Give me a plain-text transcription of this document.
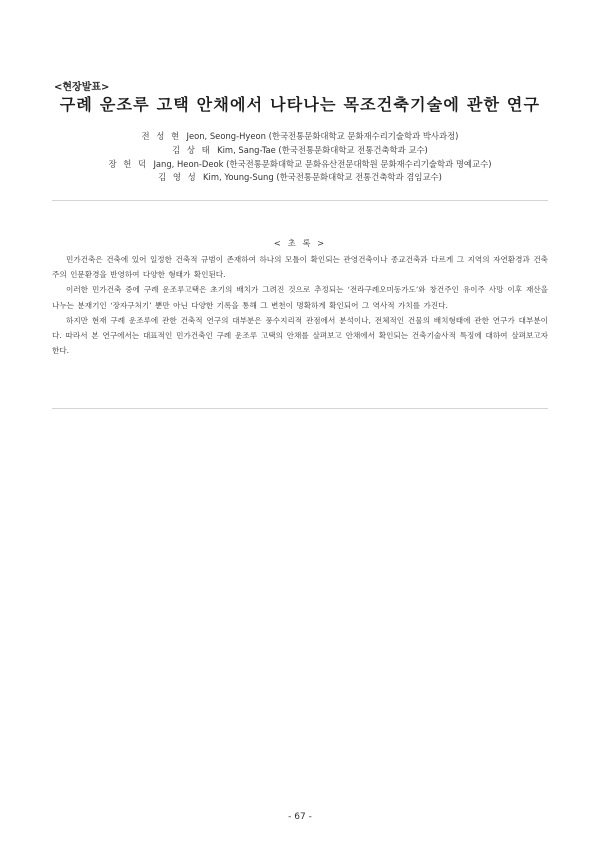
<현장발표>
구례 운조루 고택 안채에서 나타나는 목조건축기술에 관한 연구
전 성 현 Jeon, Seong-Hyeon (한국전통문화대학교 문화재수리기술학과 박사과정)
김 상 태 Kim, Sang-Tae (한국전통문화대학교 전통건축학과 교수)
장 헌 덕 Jang, Heon-Deok (한국전통문화대학교 문화유산전문대학원 문화재수리기술학과 명예교수)
김 영 성 Kim, Young-Sung (한국전통문화대학교 전통건축학과 겸임교수)
< 초 록 >

민가건축은 건축에 있어 일정한 건축적 규범이 존재하여 하나의 모틀이 확인되는 관영건축이나 종교건축과 다르게 그 지역의 자연환경과 건축주의 인문환경을 반영하여 다양한 형태가 확인된다.

이러한 민가건축 중에 구례 운조루고택은 초기의 배치가 그려진 것으로 추정되는 ‘전라구례오미동가도’와 창건주인 유이주 사망 이후 재산을 나누는 분재기인 ‘장자구처기’ 뿐만 아닌 다양한 기록을 통해 그 변천이 명확하게 확인되어 그 역사적 가치를 가진다.

하지만 현재 구례 운조루에 관한 건축적 연구의 대부분은 풍수지리적 관점에서 분석이나, 전체적인 건물의 배치형태에 관한 연구가 대부분이다. 따라서 본 연구에서는 대표적인 민가건축인 구례 운조루 고택의 안채를 살펴보고 안채에서 확인되는 건축기술사적 특징에 대하여 살펴보고자 한다.

- 67 -
